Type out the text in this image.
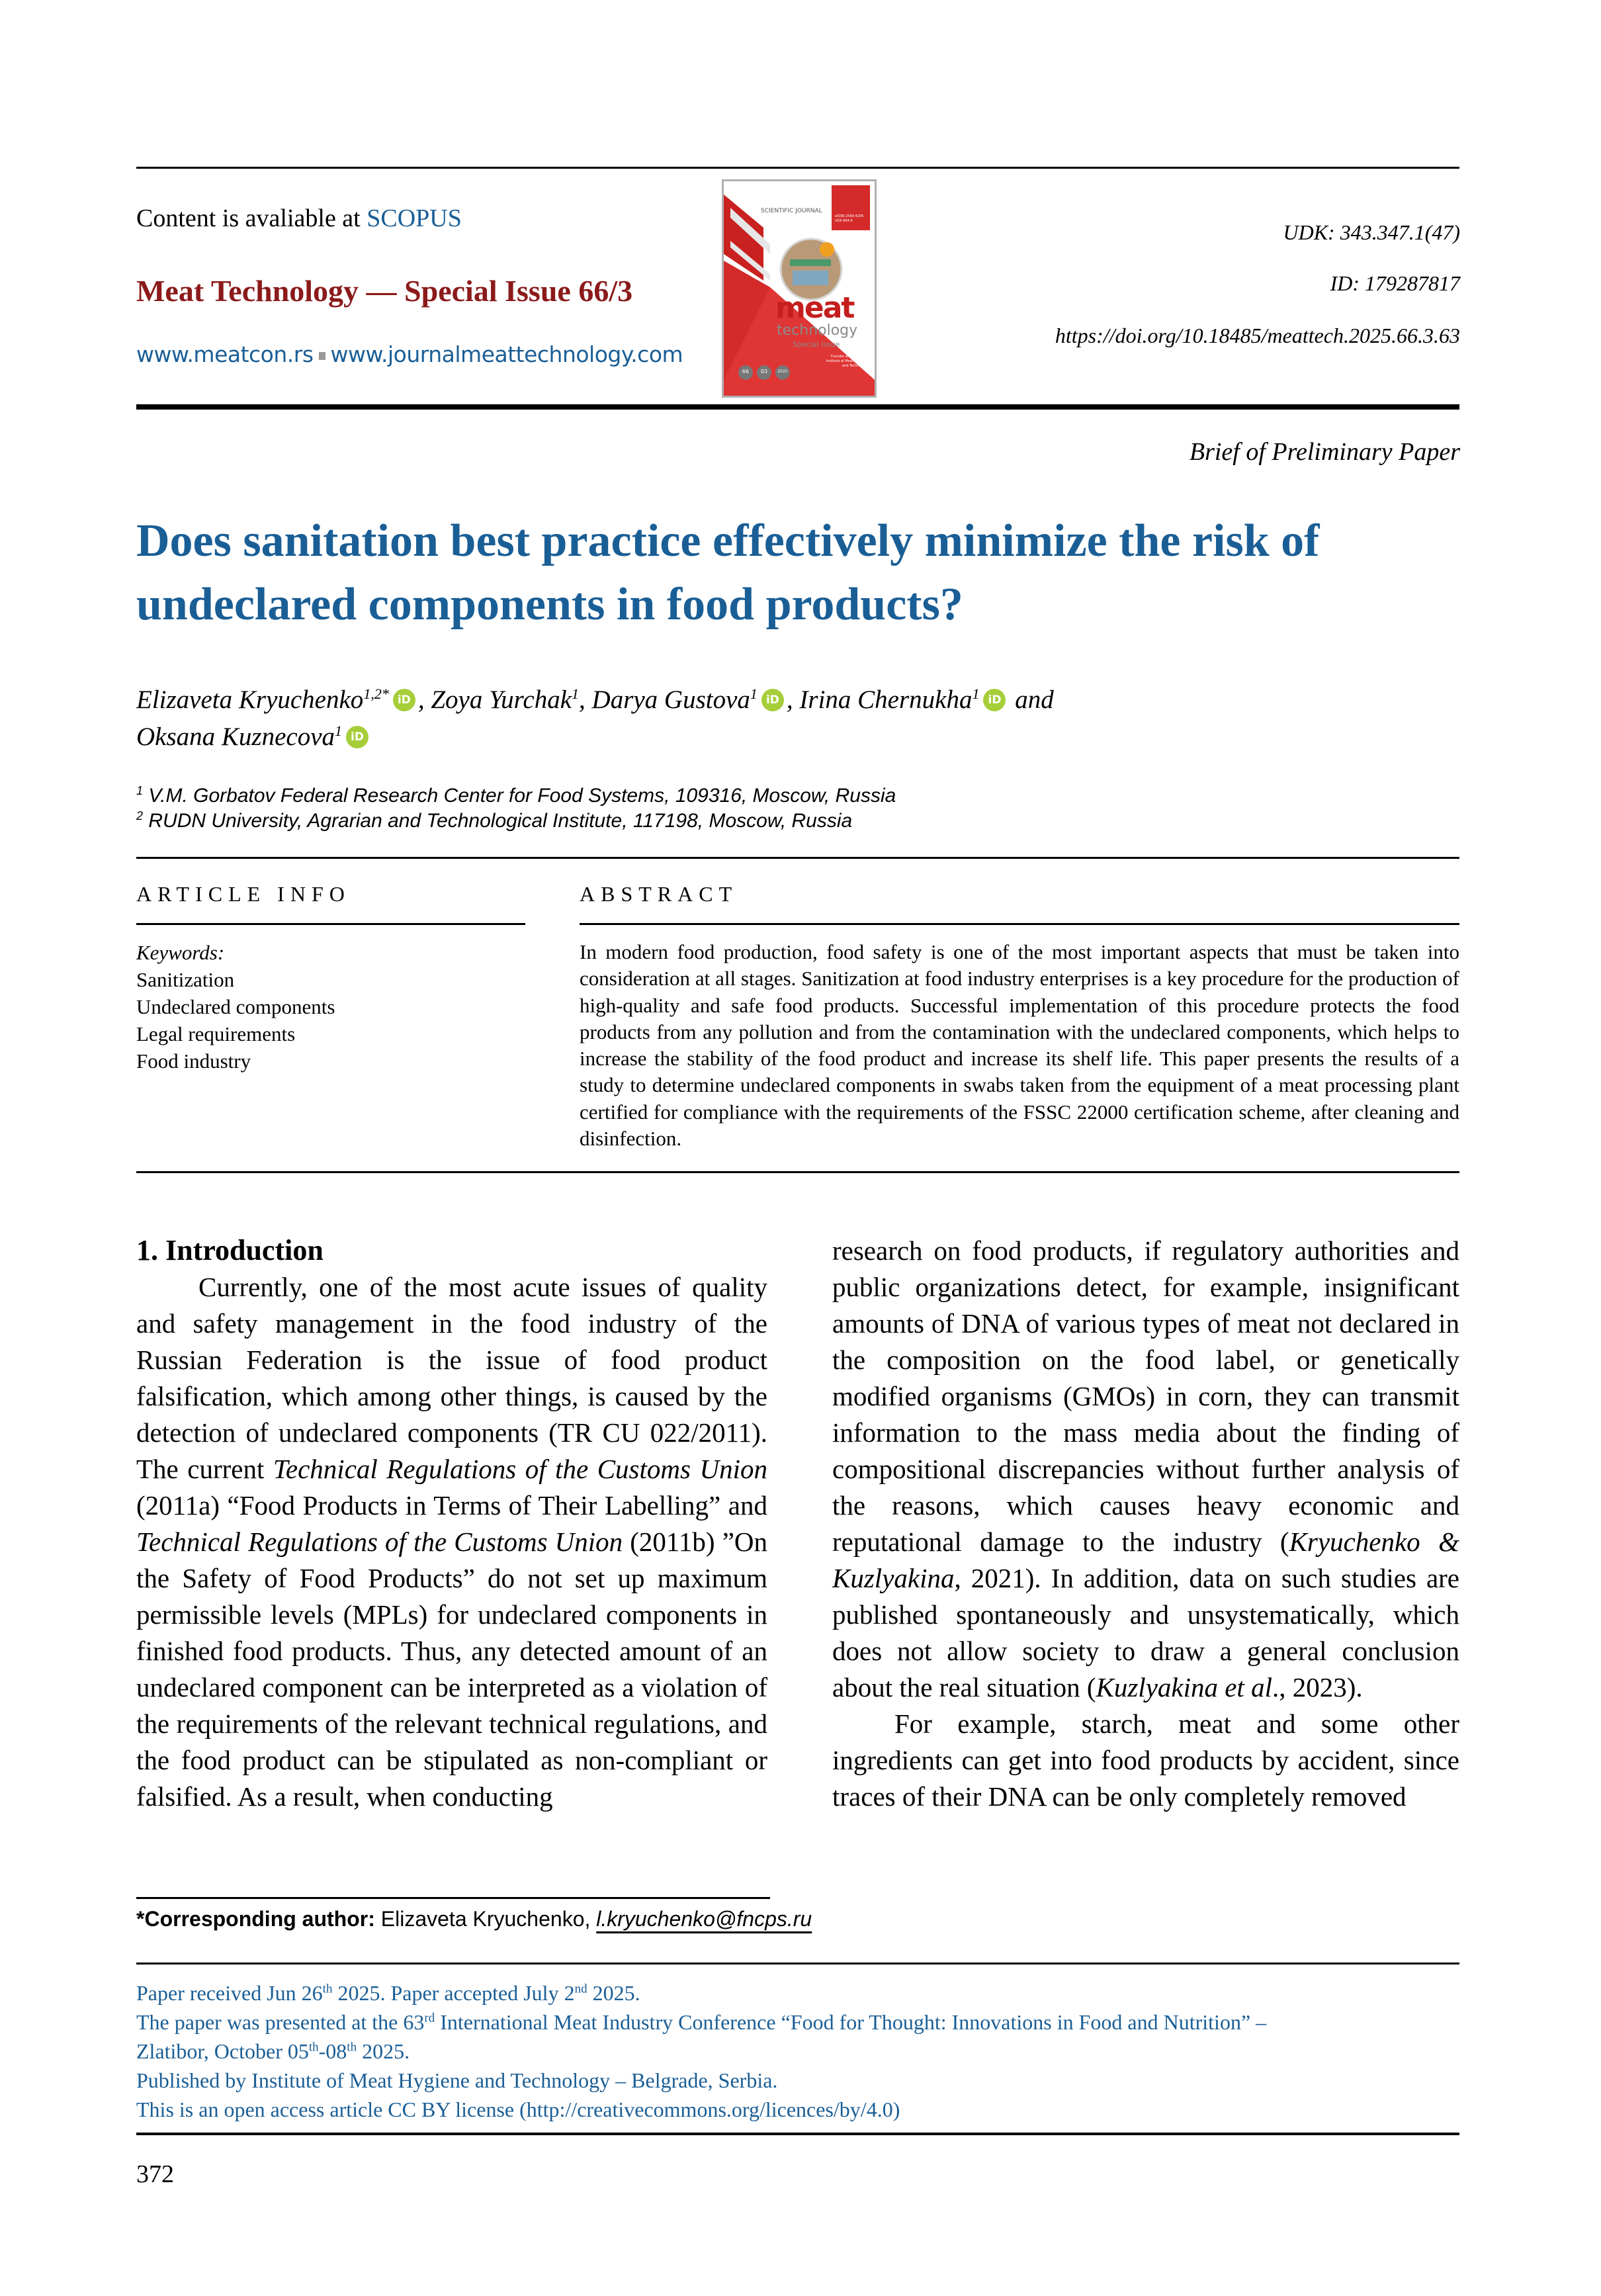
Content is avaliable at SCOPUS
Meat Technology — Special Issue 66/3
www.meatcon.rs www.journalmeattechnology.com
SCIENTIFIC JOURNAL
eISSN 2560-4295
UDK 664.9
meat
technology
Special Issue
Founder and Publisher
Institute of Meat Hygiene
and Technology
66	03	2025
UDK: 343.347.1(47)
ID: 179287817
https://doi.org/10.18485/meattech.2025.66.3.63
Brief of Preliminary Paper
Does sanitation best practice effectively minimize the risk of undeclared components in food products?
Elizaveta Kryuchenko$^{1,2*}$ iD , Zoya Yurchak$^1$, Darya Gustova$^1$ iD , Irina Chernukha$^1$ iD and
Oksana Kuznecova$^1$ iD
$^1$ V.M. Gorbatov Federal Research Center for Food Systems, 109316, Moscow, Russia
$^2$ RUDN University, Agrarian and Technological Institute, 117198, Moscow, Russia
ARTICLE INFO	ABSTRACT
Keywords:
Sanitization
Undeclared components
Legal requirements
Food industry
In modern food production, food safety is one of the most important aspects that must be taken into consideration at all stages. Sanitization at food industry enterprises is a key procedure for the production of high-quality and safe food products. Successful implementation of this procedure protects the food products from any pollution and from the contamination with the undeclared components, which helps to increase the stability of the food product and increase its shelf life. This paper presents the results of a study to determine undeclared components in swabs taken from the equipment of a meat processing plant certified for compliance with the requirements of the FSSC 22000 certification scheme, after cleaning and disinfection.
1. Introduction

Currently, one of the most acute issues of quality and safety management in the food industry of the Russian Federation is the issue of food product falsification, which among other things, is caused by the detection of undeclared components (TR CU 022/2011). The current Technical Regulations of the Customs Union (2011a) “Food Products in Terms of Their Labelling” and Technical Regulations of the Customs Union (2011b) ”On the Safety of Food Products” do not set up maximum permissible levels (MPLs) for undeclared components in finished food products. Thus, any detected amount of an undeclared component can be interpreted as a violation of the requirements of the relevant technical regulations, and the food product can be stipulated as non-compliant or falsified. As a result, when conducting

research on food products, if regulatory authorities and public organizations detect, for example, insignificant amounts of DNA of various types of meat not declared in the composition on the food label, or genetically modified organisms (GMOs) in corn, they can transmit information to the mass media about the finding of compositional discrepancies without further analysis of the reasons, which causes heavy economic and reputational damage to the industry (Kryuchenko & Kuzlyakina, 2021). In addition, data on such studies are published spontaneously and unsystematically, which does not allow society to draw a general conclusion about the real situation (Kuzlyakina et al., 2023).

For example, starch, meat and some other ingredients can get into food products by accident, since traces of their DNA can be only completely removed

*Corresponding author: Elizaveta Kryuchenko, l.kryuchenko@fncps.ru
Paper received Jun 26th 2025. Paper accepted July 2nd 2025.
The paper was presented at the 63rd International Meat Industry Conference “Food for Thought: Innovations in Food and Nutrition” –
Zlatibor, October 05th-08th 2025.
Published by Institute of Meat Hygiene and Technology – Belgrade, Serbia.
This is an open access article CC BY license (http://creativecommons.org/licences/by/4.0)
372
